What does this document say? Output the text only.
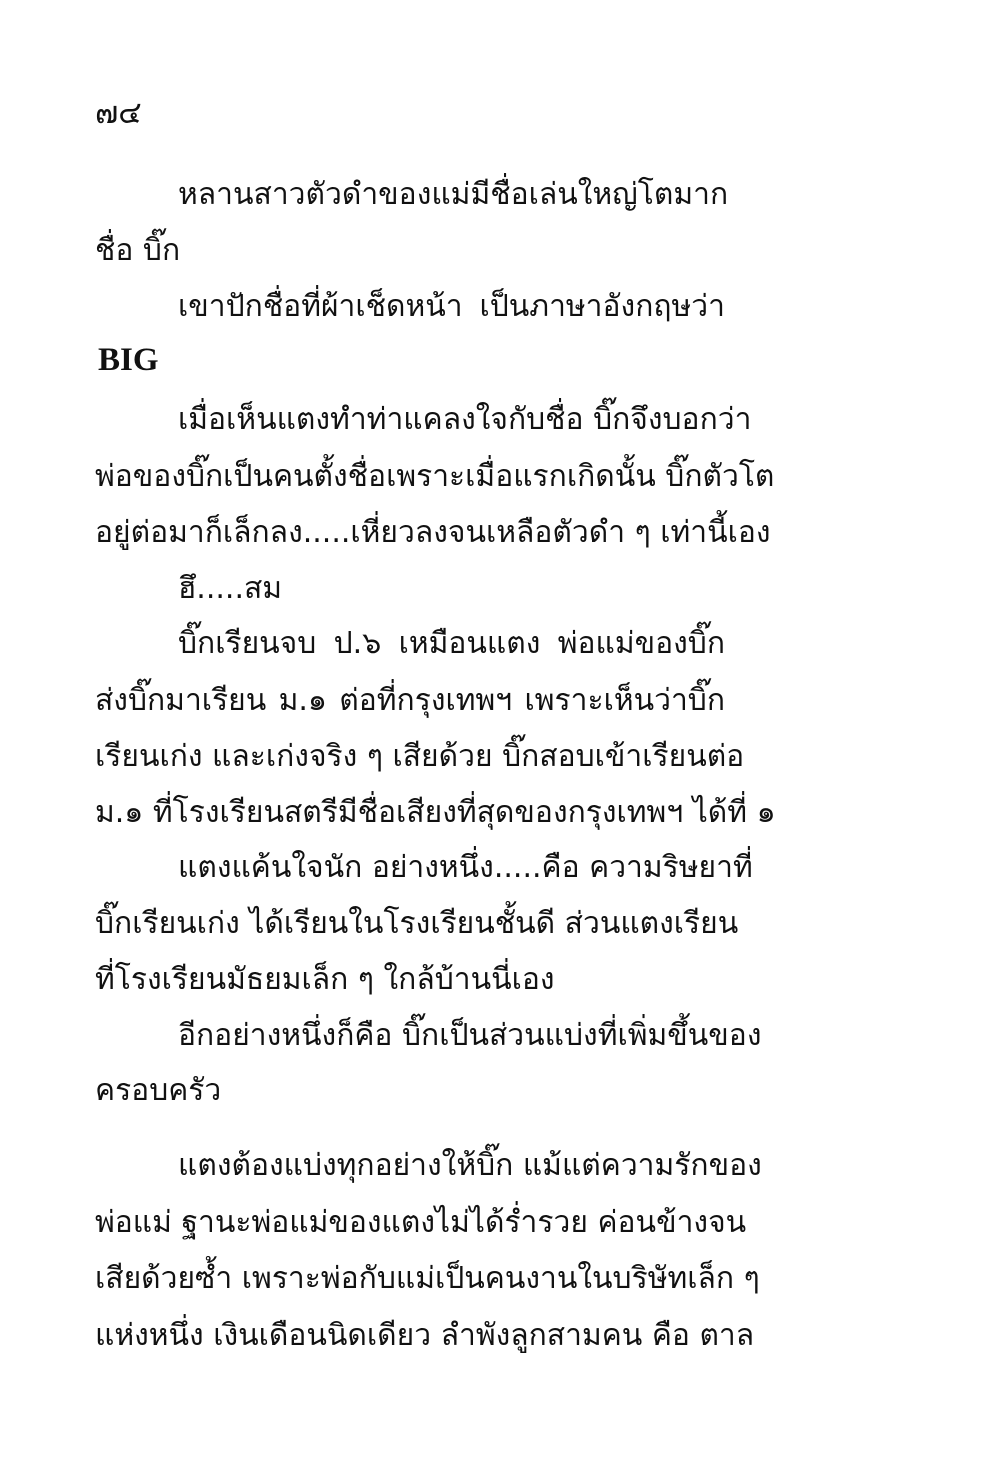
๗๔
หลานสาวตัวดำของแม่มีชื่อเล่นใหญ่โตมาก
ชื่อ บิ๊ก
เขาปักชื่อที่ผ้าเช็ดหน้า เป็นภาษาอังกฤษว่า
BIG
เมื่อเห็นแตงทำท่าแคลงใจกับชื่อ บิ๊กจึงบอกว่า
พ่อของบิ๊กเป็นคนตั้งชื่อเพราะเมื่อแรกเกิดนั้น บิ๊กตัวโต
อยู่ต่อมาก็เล็กลง.....เหี่ยวลงจนเหลือตัวดำ ๆ เท่านี้เอง
ฮึ.....สม
บิ๊กเรียนจบ ป.๖ เหมือนแตง พ่อแม่ของบิ๊ก
ส่งบิ๊กมาเรียน ม.๑ ต่อที่กรุงเทพฯ เพราะเห็นว่าบิ๊ก
เรียนเก่ง และเก่งจริง ๆ เสียด้วย บิ๊กสอบเข้าเรียนต่อ
ม.๑ ที่โรงเรียนสตรีมีชื่อเสียงที่สุดของกรุงเทพฯ ได้ที่ ๑
แตงแค้นใจนัก อย่างหนึ่ง.....คือ ความริษยาที่
บิ๊กเรียนเก่ง ได้เรียนในโรงเรียนชั้นดี ส่วนแตงเรียน
ที่โรงเรียนมัธยมเล็ก ๆ ใกล้บ้านนี่เอง
อีกอย่างหนึ่งก็คือ บิ๊กเป็นส่วนแบ่งที่เพิ่มขึ้นของ
ครอบครัว
แตงต้องแบ่งทุกอย่างให้บิ๊ก แม้แต่ความรักของ
พ่อแม่ ฐานะพ่อแม่ของแตงไม่ได้ร่ำรวย ค่อนข้างจน
เสียด้วยซ้ำ เพราะพ่อกับแม่เป็นคนงานในบริษัทเล็ก ๆ
แห่งหนึ่ง เงินเดือนนิดเดียว ลำพังลูกสามคน คือ ตาล
